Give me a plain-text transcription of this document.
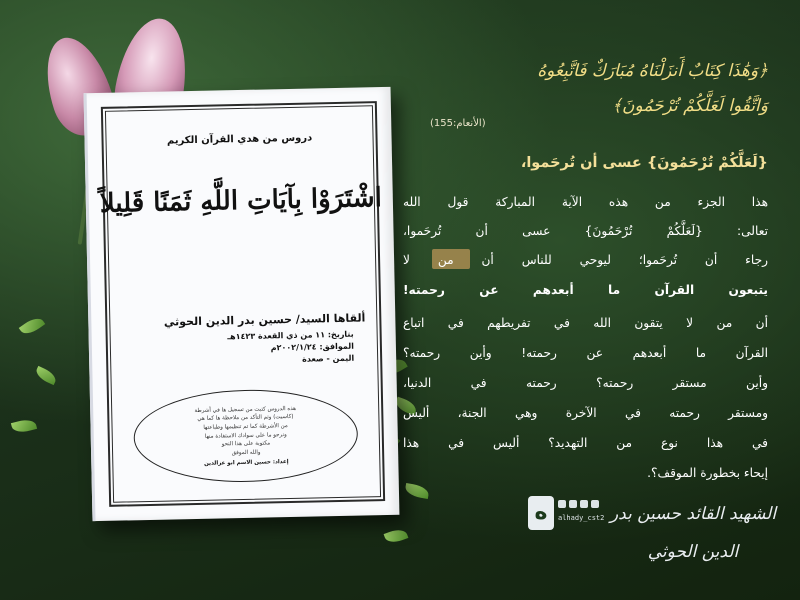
دروس من هدي القرآن الكريم
اشْتَرَوْا بِآيَاتِ اللَّهِ ثَمَنًا قَلِيلاً
ألقاها السيد/ حسين بدر الدين الحوثي
بتاريخ: ١١ من ذي القعدة ١٤٢٣هـ
الموافق: ٢٠٠٢/١/٢٤م
اليمن - صعدة
هذه الدروس كتبت من تسجيل ها في أشرطة
(كاسيت) وتم التأكد من ملاحظة ها كما هي
من الأشرطة كما تم تنظيمها وطباعتها
ونرجو ما على سوادك الاستفادة منها
مكتوبة على هذا النحو
والله الموفق
إعداد: حسين الاسم ابو عزالدين
﴿وَهَٰذَا كِتَابٌ أَنزَلْنَاهُ مُبَارَكٌ فَاتَّبِعُوهُ
وَاتَّقُوا لَعَلَّكُمْ تُرْحَمُونَ﴾
(الأنعام:155)
{لَعَلَّكُمْ تُرْحَمُونَ} عسى أن تُرحَموا،
هذا الجزء من هذه الآية المباركة قول الله
تعالى: {لَعَلَّكُمْ تُرْحَمُونَ} عسى أن تُرحَموا،
رجاء أن تُرحَموا؛ ليوحي للناس أن من لا
يتبعون القرآن ما أبعدهم عن رحمته!
أن من لا يتقون الله في تفريطهم في اتباع
القرآن ما أبعدهم عن رحمته! وأين رحمته؟
وأين مستقر رحمته؟ رحمته في الدنيا،
ومستقر رحمته في الآخرة وهي الجنة، أليس
في هذا نوع من التهديد؟ أليس في هذا
إيحاء بخطورة الموقف؟.
ه	alhady_cst2 الشهيد القائد حسين بدر الدين الحوثي
